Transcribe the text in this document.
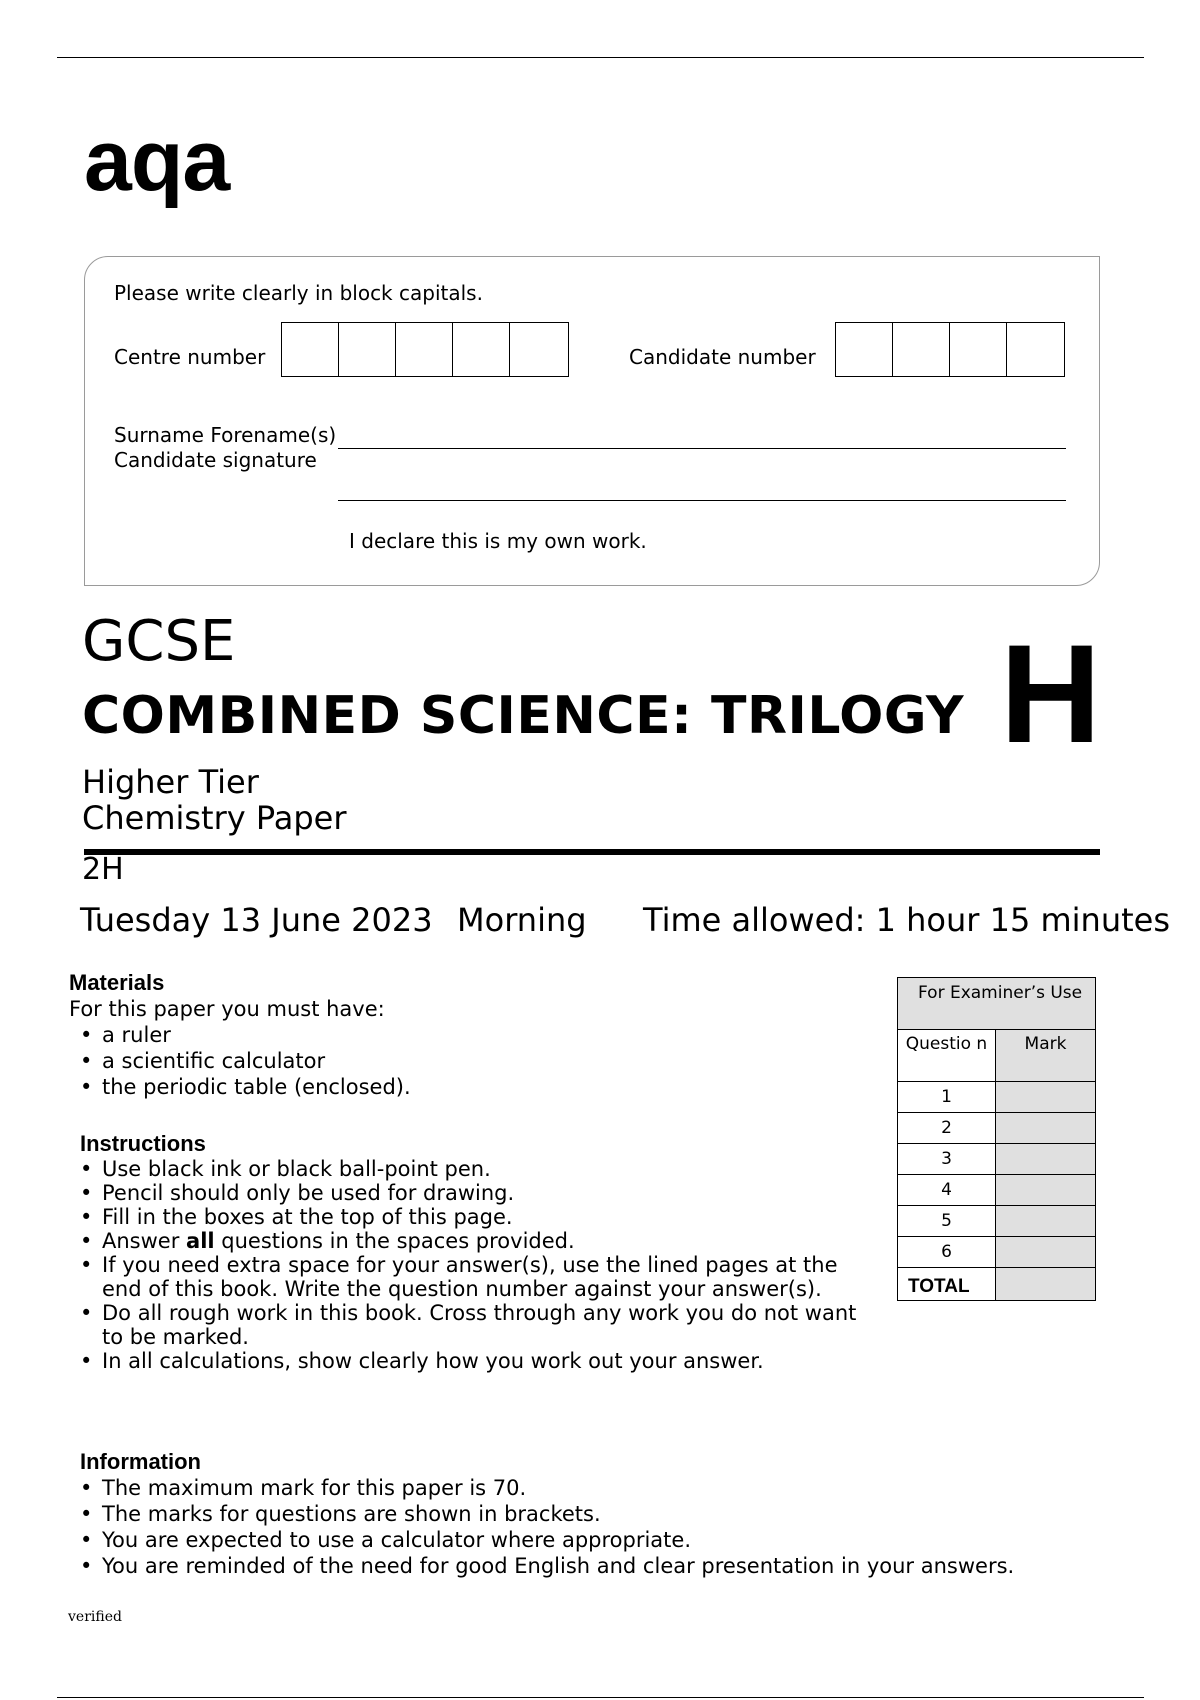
aqa
Please write clearly in block capitals.
Centre number	Candidate number
Surname Forename(s)
Candidate signature
I declare this is my own work.
GCSE
COMBINED SCIENCE: TRILOGY H
Higher Tier
Chemistry Paper
2H
Tuesday 13 June 2023 Morning Time allowed: 1 hour 15 minutes
Materials
For this paper you must have:
• a ruler
• a scientific calculator
• the periodic table (enclosed).
Instructions
• Use black ink or black ball-point pen.
• Pencil should only be used for drawing.
• Fill in the boxes at the top of this page.
• Answer all questions in the spaces provided.
• If you need extra space for your answer(s), use the lined pages at the end of this book. Write the question number against your answer(s).
• Do all rough work in this book. Cross through any work you do not want to be marked.
• In all calculations, show clearly how you work out your answer.
Information
• The maximum mark for this paper is 70.
• The marks for questions are shown in brackets.
• You are expected to use a calculator where appropriate.
• You are reminded of the need for good English and clear presentation in your answers.
For Examiner’s Use	
Questio n	Mark
1	
2	
3	
4	
5	
6	
TOTAL	
verified
